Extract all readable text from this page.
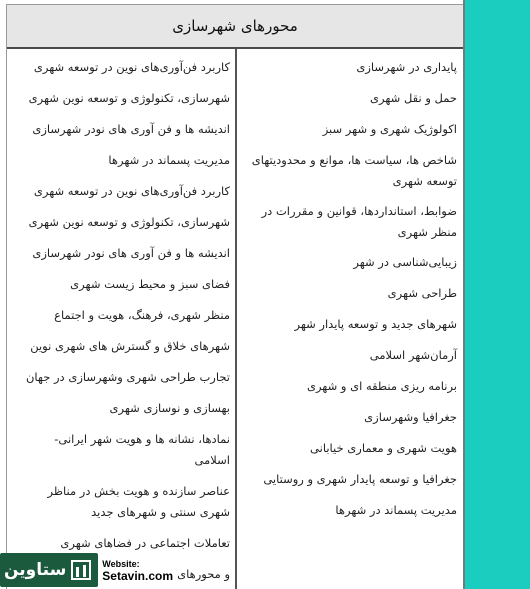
محورهای شهرسازی
پایداری در شهرسازی
حمل و نقل شهری
اکولوژیک شهری و شهر سبز
شاخص ها، سیاست ها، موانع و محدودیتهای توسعه شهری
ضوابط، استانداردها، قوانین و مقررات در منظر شهری
زیبایی‌شناسی در شهر
طراحی شهری
شهرهای جدید و توسعه پایدار شهر
آرمان‌شهر اسلامی
برنامه ریزی منطقه ای و شهری
جغرافیا وشهرسازی
هویت شهری و معماری خیابانی
جغرافیا و توسعه پایدار شهری و روستایی
مدیریت پسماند در شهرها
کاربرد فن‌آوری‌های نوین در توسعه شهری
شهرسازی، تکنولوژی و توسعه نوین شهری
اندیشه ها و فن آوری های نودر شهرسازی
مدیریت پسماند در شهرها
کاربرد فن‌آوری‌های نوین در توسعه شهری
شهرسازی، تکنولوژی و توسعه نوین شهری
اندیشه ها و فن آوری های نودر شهرسازی
فضای سبز و محیط زیست شهری
منظر شهری، فرهنگ، هویت و اجتماع
شهرهای خلاق و گسترش های شهری نوین
تجارب طراحی شهری وشهرسازی در جهان
بهسازی و نوسازی شهری
نمادها، نشانه ها و هویت شهر ایرانی- اسلامی
عناصر سازنده و هویت بخش در مناظر شهری سنتی و شهرهای جدید
تعاملات اجتماعی در فضاهای شهری
و محورهای ...
ستاوین	Website:
Setavin.com
